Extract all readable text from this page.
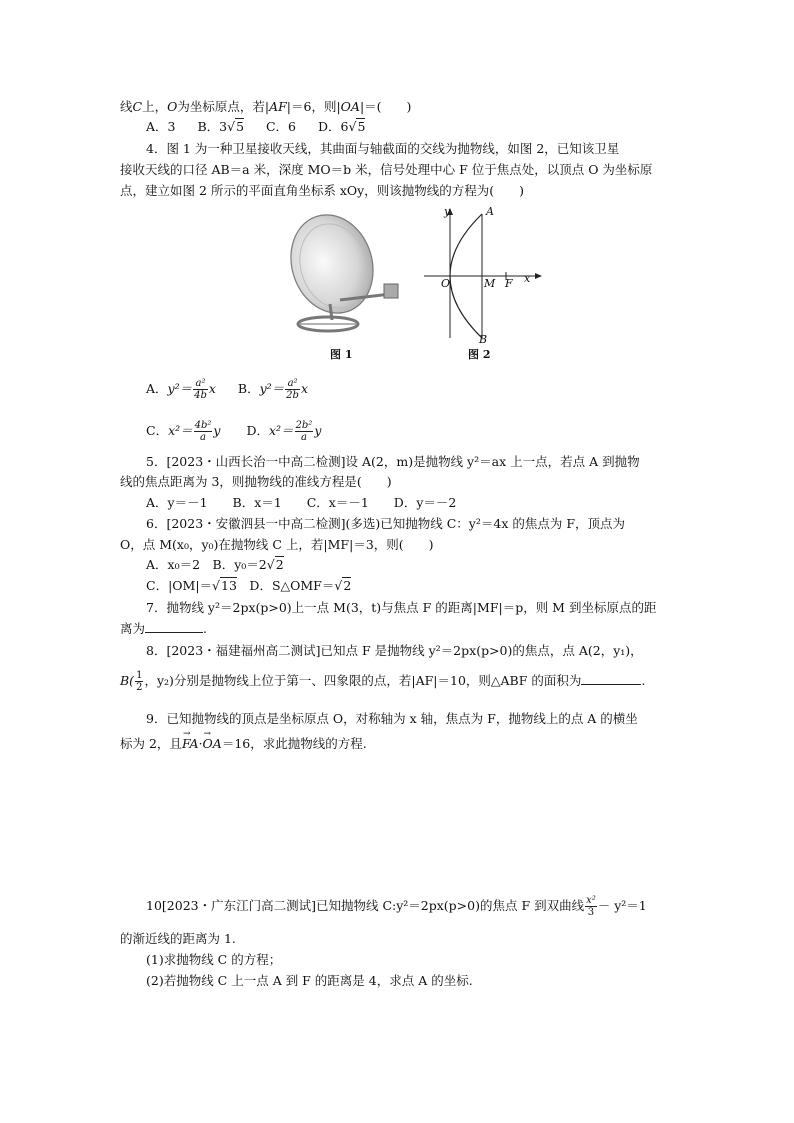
线C上，O为坐标原点，若|AF|＝6，则|OA|＝(　　)
A．3 B．3√5 C．6 D．6√5
4．图 1 为一种卫星接收天线，其曲面与轴截面的交线为抛物线，如图 2，已知该卫星
接收天线的口径 AB＝a 米，深度 MO＝b 米，信号处理中心 F 位于焦点处，以顶点 O 为坐标原
点，建立如图 2 所示的平面直角坐标系 xOy，则该抛物线的方程为(　　)
图 1
y	A
O	M F x
B
图 2
A．$y^2= \frac{\text{a²}}{4b}$ x B．$y^2= \frac{\text{a²}}{2b}$ x
C．$x^2= \frac{\text{4b²}}{a}$ y D．$x^2= \frac{\text{2b²}}{a}$ y
5．[2023・山西长治一中高二检测]设 A(2，m)是抛物线 y²＝ax 上一点，若点 A 到抛物
线的焦点距离为 3，则抛物线的准线方程是(　　)
A．y＝－1　　B．x＝1　　C．x＝－1　　D．y＝－2
6．[2023・安徽泗县一中高二检测](多选)已知抛物线 C：y²＝4x 的焦点为 F，顶点为
O，点 M(x₀，y₀)在抛物线 C 上，若|MF|＝3，则(　　)
A．x₀＝2　B．y₀＝2√2
C．|OM|＝√13　D．S△OMF＝√2
7．抛物线 y²＝2px(p>0)上一点 M(3，t)与焦点 F 的距离|MF|＝p，则 M 到坐标原点的距
离为	.
8．[2023・福建福州高二测试]已知点 F 是抛物线 y²＝2px(p>0)的焦点，点 A(2，y₁)，
$B( \frac{1}{2}$ ，y₂)分别是抛物线上位于第一、四象限的点，若|AF|＝10，则△ABF 的面积为	.
9．已知抛物线的顶点是坐标原点 O，对称轴为 x 轴，焦点为 F，抛物线上的点 A 的横坐
标为 2，且→ FA·→ OA＝16，求此抛物线的方程.
10[2023・广东江门高二测试]已知抛物线 C:y²＝2px(p>0)的焦点 F 到双曲线 $\frac{\text{x²}}{3} - y^2=1$
的渐近线的距离为 1.
(1)求抛物线 C 的方程；
(2)若抛物线 C 上一点 A 到 F 的距离是 4，求点 A 的坐标.
